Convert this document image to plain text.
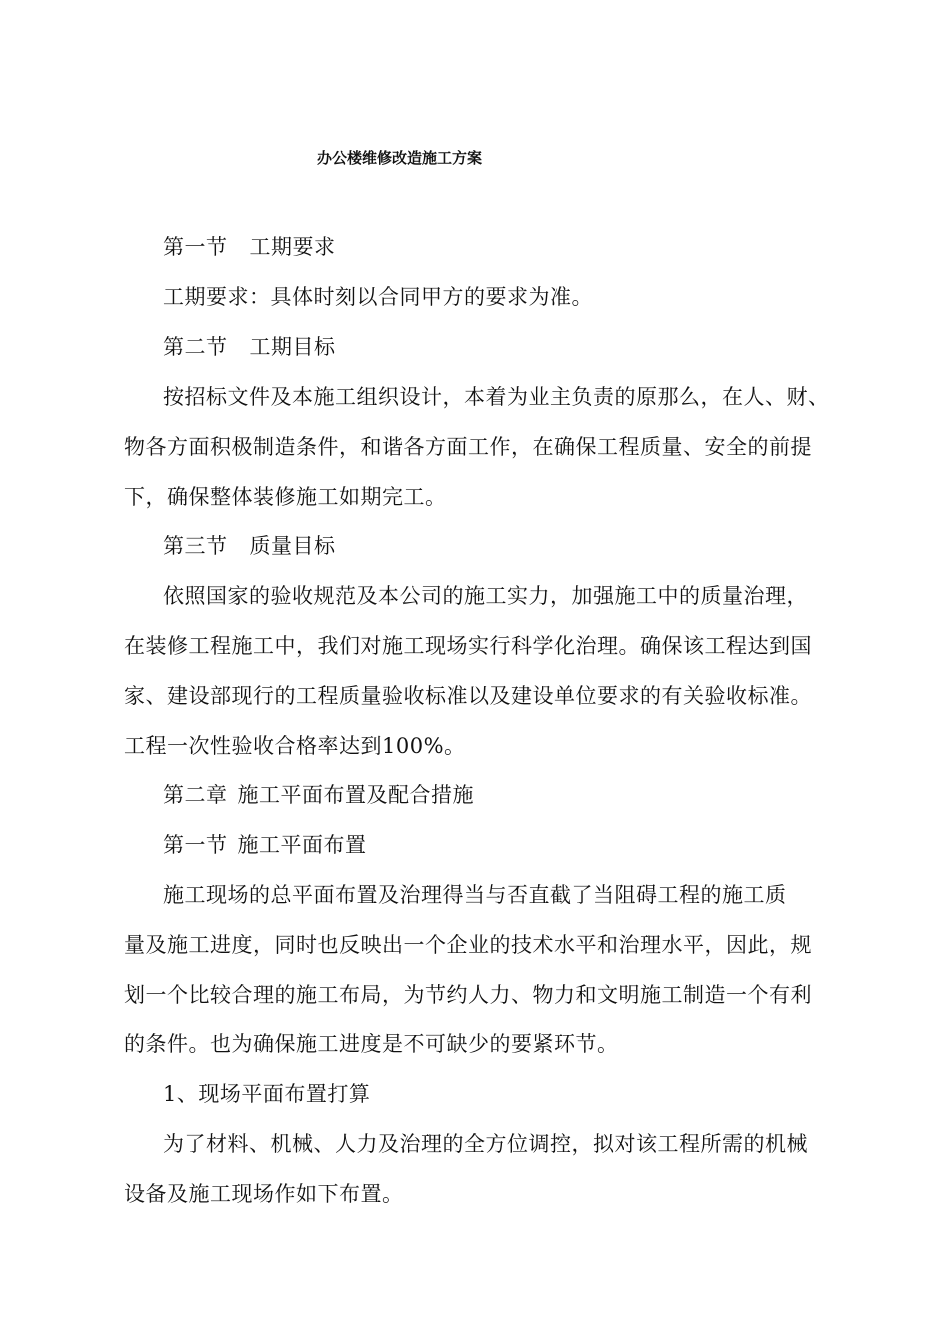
办公楼维修改造施工方案
第一节 工期要求
工期要求：具体时刻以合同甲方的要求为准。
第二节 工期目标
按招标文件及本施工组织设计，本着为业主负责的原那么，在人、财、
物各方面积极制造条件，和谐各方面工作，在确保工程质量、安全的前提
下，确保整体装修施工如期完工。
第三节 质量目标
依照国家的验收规范及本公司的施工实力，加强施工中的质量治理，
在装修工程施工中，我们对施工现场实行科学化治理。确保该工程达到国
家、建设部现行的工程质量验收标准以及建设单位要求的有关验收标准。
工程一次性验收合格率达到100%。
第二章 施工平面布置及配合措施
第一节 施工平面布置
施工现场的总平面布置及治理得当与否直截了当阻碍工程的施工质
量及施工进度，同时也反映出一个企业的技术水平和治理水平，因此，规
划一个比较合理的施工布局，为节约人力、物力和文明施工制造一个有利
的条件。也为确保施工进度是不可缺少的要紧环节。
1、现场平面布置打算
为了材料、机械、人力及治理的全方位调控，拟对该工程所需的机械
设备及施工现场作如下布置。
